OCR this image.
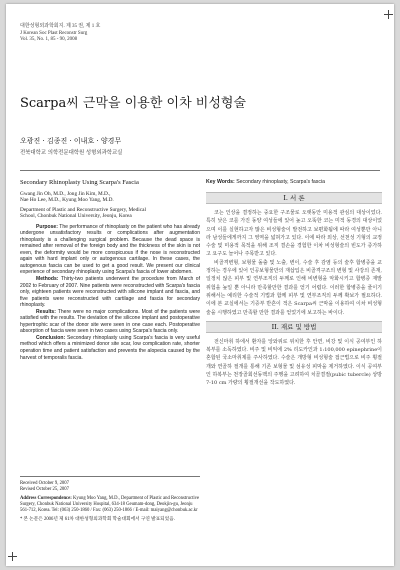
대한성형외과학회지. 제 35 권, 제 1 호
J Korean Soc Plast Reconstr Surg
Vol. 35, No. 1, 85 - 90, 2008
Scarpa씨 근막을 이용한 이차 비성형술
오광진 · 김종진 · 이내호 · 양경무
전북대학교 의학전문대학원 성형외과학교실
Secondary Rhinoplasty Using Scarpa's Fascia
Gwang Jin Oh, M.D., Jong Jin Kim, M.D.,
Nae Ho Lee, M.D., Kyung Moo Yang, M.D.
Department of Plastic and Reconstructive Surgery, Medical
School, Chonbuk National University, Jeonju, Korea

Purpose: The performance of rhinoplasty on the patient who has already undergone unsatisfactory results or complications after augmentation rhinoplasty is a challenging surgical problem. Because the dead space is remained after removal of the foreign body and the thickness of the skin is not even, the deformity would be more conspicuous if the nose is reconstructed again with hard implant only or autogenous cartilage. In these cases, the autogenous fascia can be used to get a good result. We present our clinical experience of secondary rhinoplasty using Scarpa's fascia of lower abdomen.

Methods: Thirty-two patients underwent the procedure from March of 2002 to February of 2007. Nine patients were reconstructed with Scarpa's fascia only, eighteen patients were reconstructed with silicone implant and fascia, and five patients were reconstructed with cartilage and fascia for secondary rhinoplasty.

Results: There were no major complications. Most of the patients were satisfied with the results. The deviation of the silicone implant and postoperative hypertrophic scar of the donor site were seen in one case each. Postoperative absorption of fascia were seen in two cases using Scarpa's fascia only.

Conclusion: Secondary rhinoplasty using Scarpa's fascia is very useful method which offers a minimized donor site scar, low complication rate, shorter operation time and patient satisfaction and prevents the alopecia caused by the harvest of temporalis fascia.

Received October 9, 2007

Revised October 25, 2007

Address Correspondence: Kyung Moo Yang, M.D., Department of Plastic and Reconstructive Surgery, Chonbuk National University Hospital, 634-18 Geumam-dong, Deokjin-gu, Jeonju 561-712, Korea. Tel: (063) 250-1860 / Fax: (063) 250-1866 / E-mail: maiyang@chonbuk.ac.kr

* 본 논문은 2006년 제 61차 대한성형외과학회 학술대회에서 구연 발표되었음.

Key Words: Secondary rhinoplasty, Scarpa's fascia
I. 서 론

코는 인상을 결정하는 중요한 구조물로 오랫동안 미용적 관심의 대상이었다. 특히 낮은 코를 가진 동양 여성들에 있어 높고 오뚝한 코는 미적 동경의 대상이었으며 이를 실현하고자 많은 비성형술이 발전하고 보편화됨에 따라 여성뿐만 아니라 남성들에게까지 그 영역을 넓혀가고 있다. 이에 따라 외상, 선천성 기형의 교정수술 및 미용적 목적을 위해 조직 결손을 경험한 이차 비성형술의 빈도가 증가하고 요구도 늘어나 주목받고 있다.

비골격변형, 보형물 돌출 및 노출, 변이, 수술 후 감염 등의 술후 합병증을 교정하는 경우에 있어 인공보형물만의 재삽입은 비골격구조의 변형 및 사강의 존재, 일정치 않은 피부 및 연부조직의 두께로 인해 비변형을 악화시키고 합병증 재발 위험을 높일 뿐 아니라 만족할만한 결과를 얻기 어렵다. 이러한 합병증을 줄이기 위해서는 예리한 수술적 기법과 함께 피부 및 연부조직의 두께 확보가 필요하다. 이에 본 교실에서는 기증부 반흔이 적은 Scarpa씨 근막을 이용하여 이차 비성형술을 시행하였고 만족할 만한 결과를 얻었기에 보고하는 바이다.

II. 재료 및 방법

전신마취 하에서 환자를 앙와위로 위치한 후 안면, 비강 및 이식 공여부인 하복부를 소독하였다. 비주 및 비익에 2% 리도카인과 1:100,000 epinephrine이 혼합된 국소마취제를 주사하였다. 수술은 개방형 비성형술 접근법으로 비주 횡절개와 연골하 절개를 통해 기존 보형물 및 섬유성 피막을 제거하였다. 이식 공여부인 하복부는 천장골회선동맥의 주행을 고려하여 치골결절(pubic tubercle) 상방 7-10 cm 가량의 횡절개선을 작도하였다.
